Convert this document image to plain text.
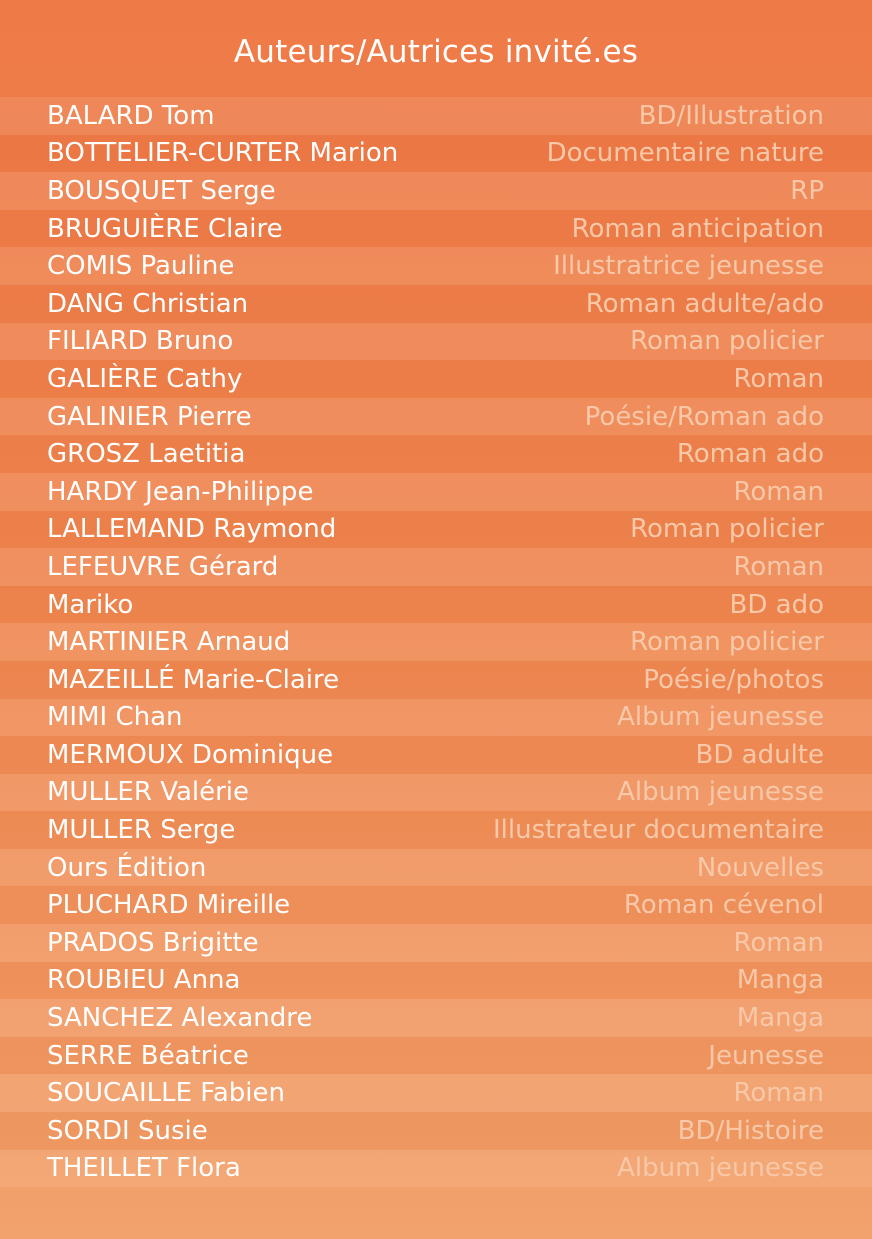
Auteurs/Autrices invité.es
BALARD Tom	BD/Illustration
BOTTELIER-CURTER Marion	Documentaire nature
BOUSQUET Serge	RP
BRUGUIÈRE Claire	Roman anticipation
COMIS Pauline	Illustratrice jeunesse
DANG Christian	Roman adulte/ado
FILIARD Bruno	Roman policier
GALIÈRE Cathy	Roman
GALINIER Pierre	Poésie/Roman ado
GROSZ Laetitia	Roman ado
HARDY Jean-Philippe	Roman
LALLEMAND Raymond	Roman policier
LEFEUVRE Gérard	Roman
Mariko	BD ado
MARTINIER Arnaud	Roman policier
MAZEILLÉ Marie-Claire	Poésie/photos
MIMI Chan	Album jeunesse
MERMOUX Dominique	BD adulte
MULLER Valérie	Album jeunesse
MULLER Serge	Illustrateur documentaire
Ours Édition	Nouvelles
PLUCHARD Mireille	Roman cévenol
PRADOS Brigitte	Roman
ROUBIEU Anna	Manga
SANCHEZ Alexandre	Manga
SERRE Béatrice	Jeunesse
SOUCAILLE Fabien	Roman
SORDI Susie	BD/Histoire
THEILLET Flora	Album jeunesse
